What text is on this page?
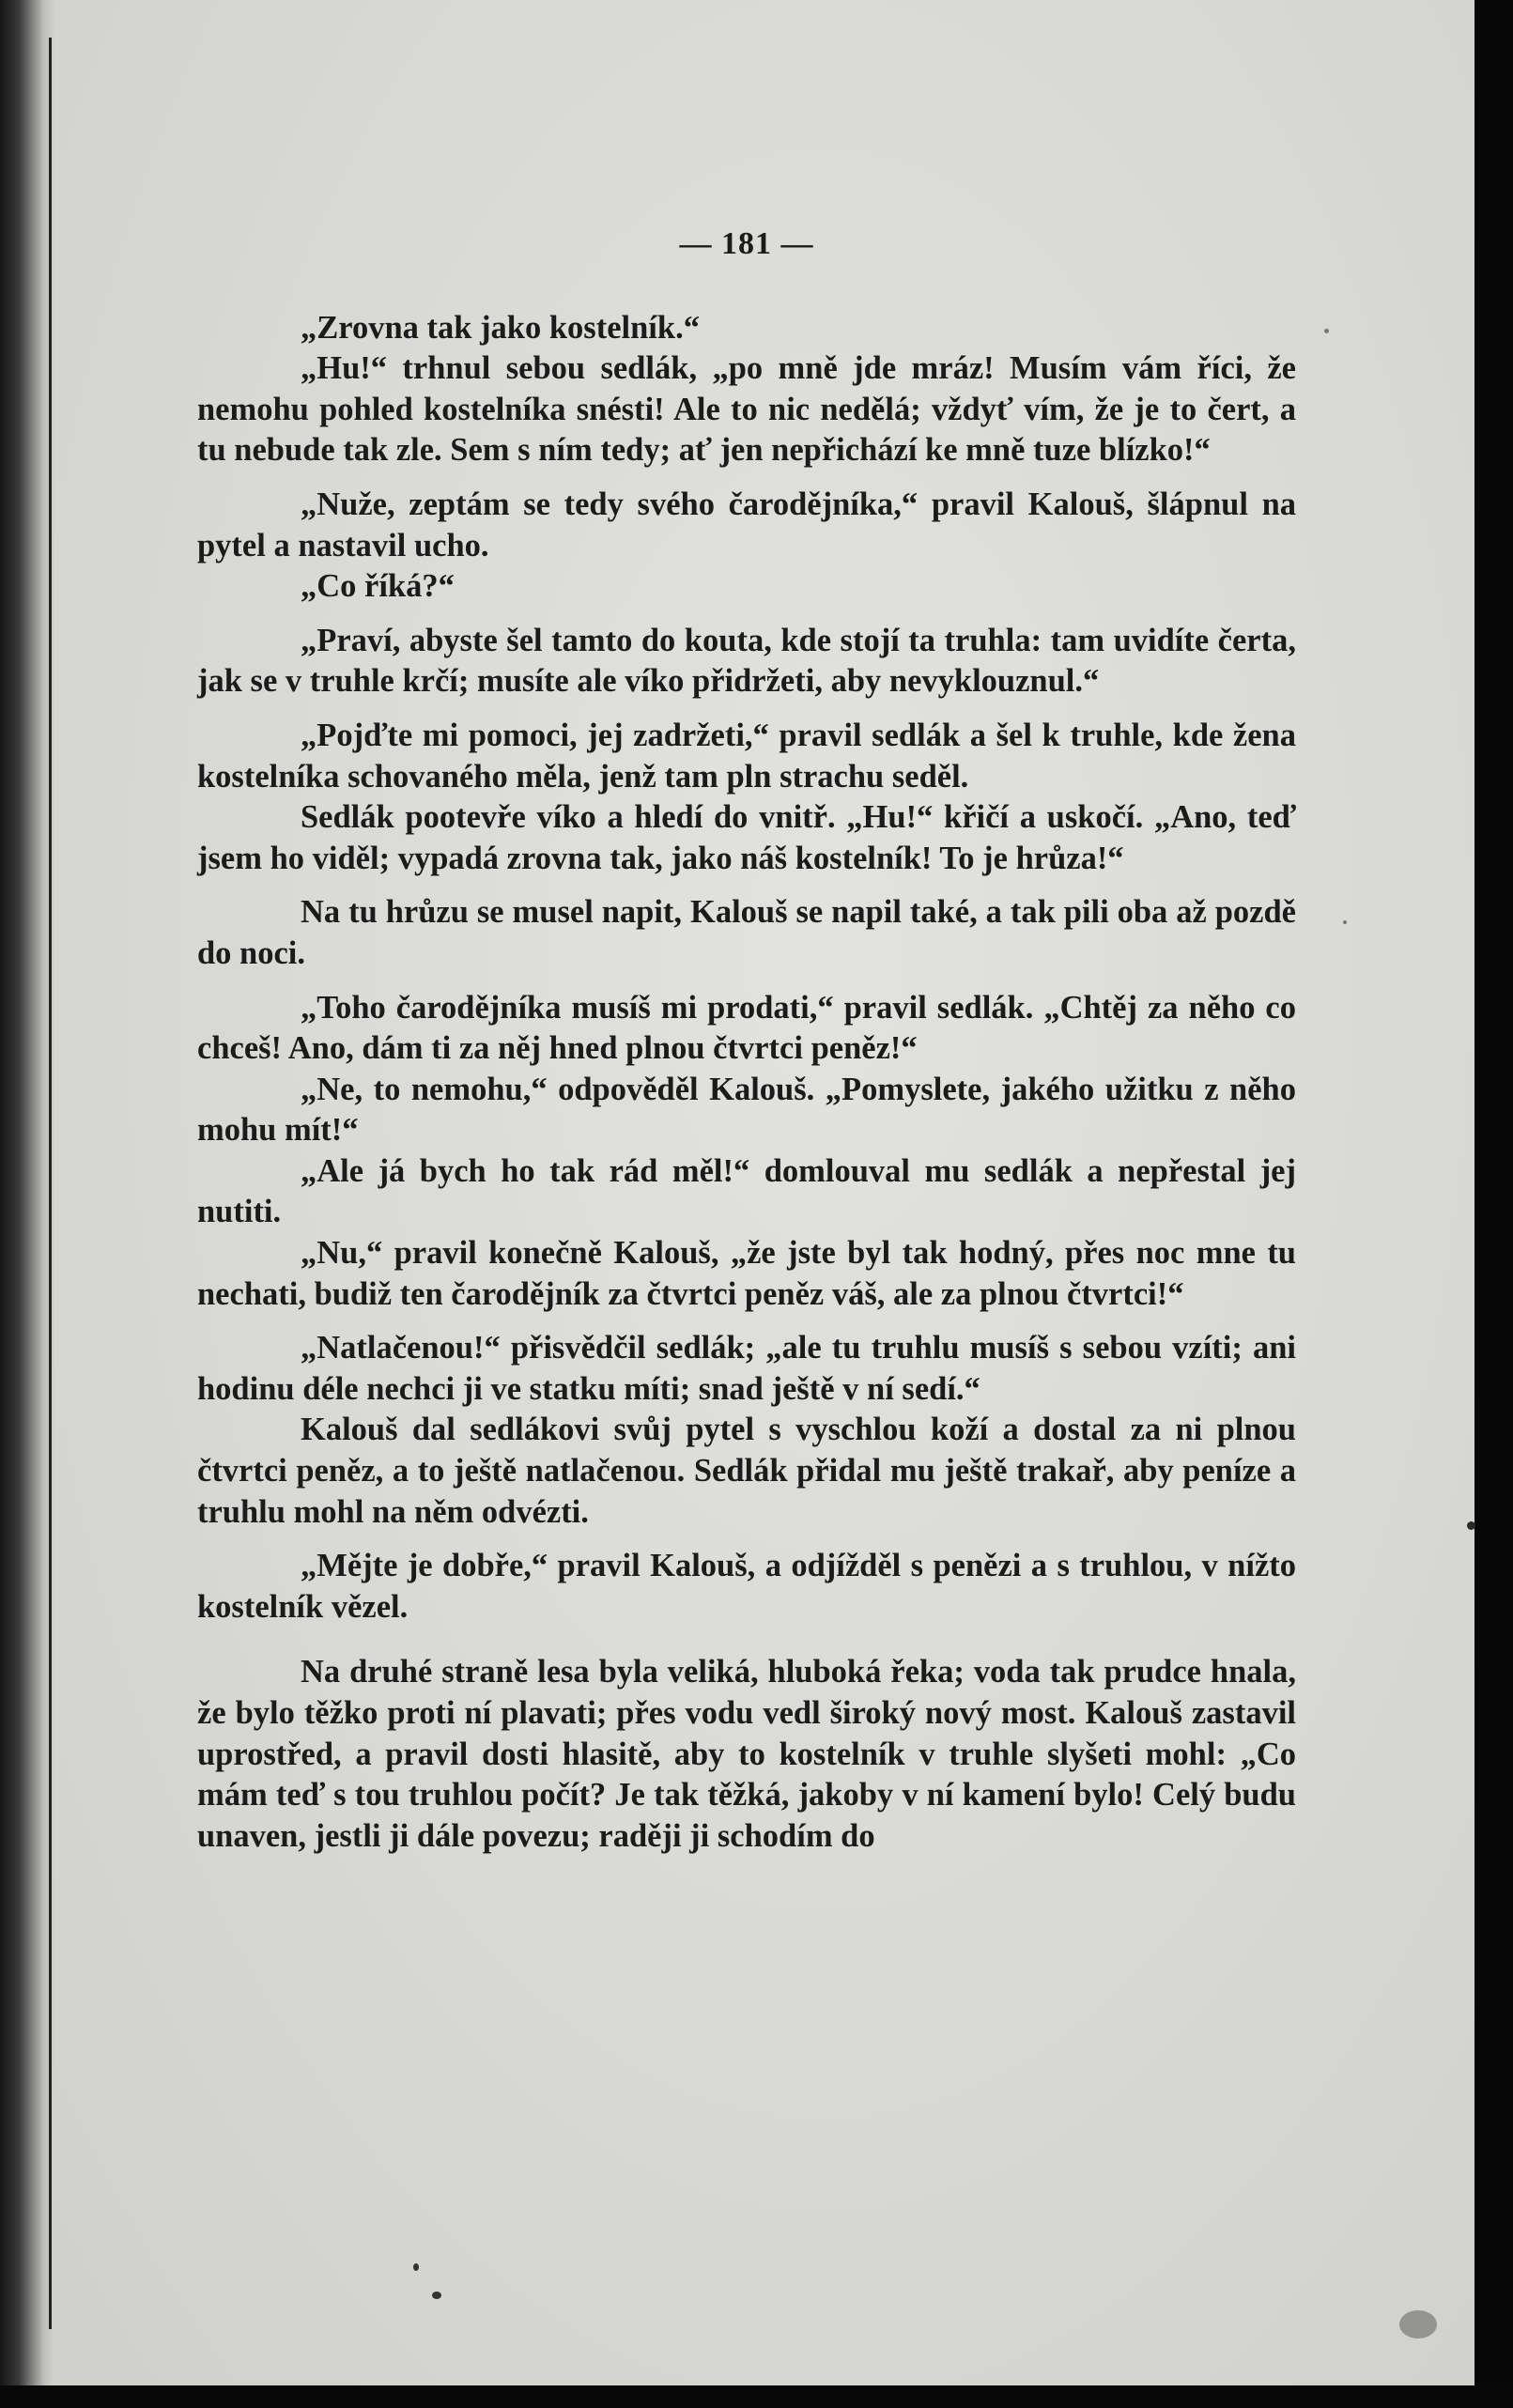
— 181 —

„Zrovna tak jako kostelník.“

„Hu!“ trhnul sebou sedlák, „po mně jde mráz! Musím vám říci, že nemohu pohled kostelníka snésti! Ale to nic nedělá; vždyť vím, že je to čert, a tu nebude tak zle. Sem s ním tedy; ať jen nepřichází ke mně tuze blízko!“

„Nuže, zeptám se tedy svého čarodějníka,“ pravil Kalouš, šlápnul na pytel a nastavil ucho.

„Co říká?“

„Praví, abyste šel tamto do kouta, kde stojí ta truhla: tam uvidíte čerta, jak se v truhle krčí; musíte ale víko přidržeti, aby nevyklouznul.“

„Pojďte mi pomoci, jej zadržeti,“ pravil sedlák a šel k truhle, kde žena kostelníka schovaného měla, jenž tam pln strachu seděl.

Sedlák pootevře víko a hledí do vnitř. „Hu!“ křičí a uskočí. „Ano, teď jsem ho viděl; vypadá zrovna tak, jako náš kostelník! To je hrůza!“

Na tu hrůzu se musel napit, Kalouš se napil také, a tak pili oba až pozdě do noci.

„Toho čarodějníka musíš mi prodati,“ pravil sedlák. „Chtěj za něho co chceš! Ano, dám ti za něj hned plnou čtvrtci peněz!“

„Ne, to nemohu,“ odpověděl Kalouš. „Pomyslete, jakého užitku z něho mohu mít!“

„Ale já bych ho tak rád měl!“ domlouval mu sedlák a nepřestal jej nutiti.

„Nu,“ pravil konečně Kalouš, „že jste byl tak hodný, přes noc mne tu nechati, budiž ten čarodějník za čtvrtci peněz váš, ale za plnou čtvrtci!“

„Natlačenou!“ přisvědčil sedlák; „ale tu truhlu musíš s sebou vzíti; ani hodinu déle nechci ji ve statku míti; snad ještě v ní sedí.“

Kalouš dal sedlákovi svůj pytel s vyschlou koží a dostal za ni plnou čtvrtci peněz, a to ještě natlačenou. Sedlák přidal mu ještě trakař, aby peníze a truhlu mohl na něm odvézti.

„Mějte je dobře,“ pravil Kalouš, a odjížděl s penězi a s truhlou, v nížto kostelník vězel.

Na druhé straně lesa byla veliká, hluboká řeka; voda tak prudce hnala, že bylo těžko proti ní plavati; přes vodu vedl široký nový most. Kalouš zastavil uprostřed, a pravil dosti hlasitě, aby to kostelník v truhle slyšeti mohl: „Co mám teď s tou truhlou počít? Je tak těžká, jakoby v ní kamení bylo! Celý budu unaven, jestli ji dále povezu; raději ji schodím do
